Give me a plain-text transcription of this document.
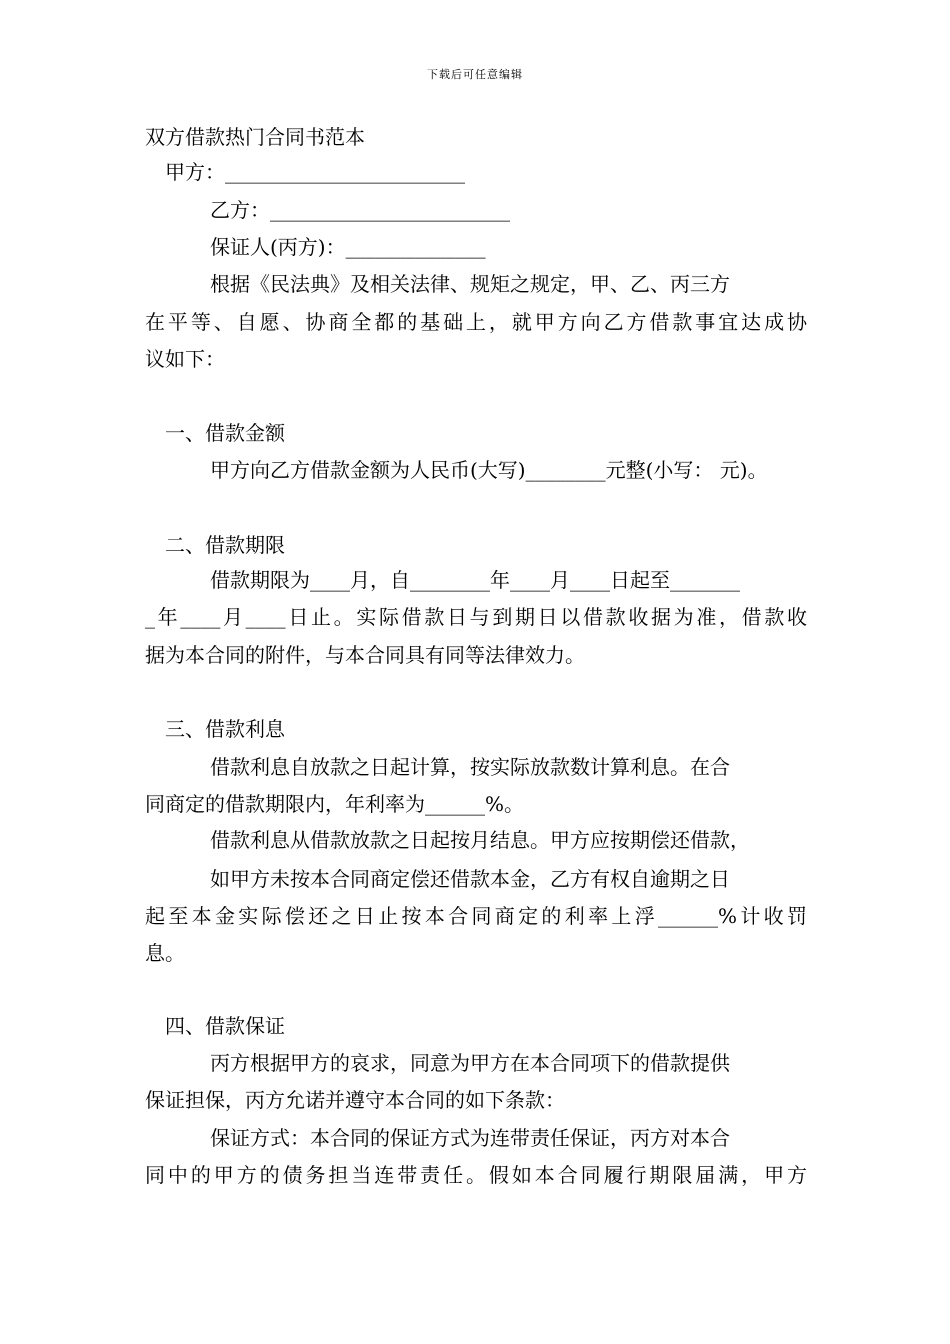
下载后可任意编辑
双方借款热门合同书范本
甲方：________________________
乙方：________________________
保证人(丙方)：______________
根据《民法典》及相关法律、规矩之规定，甲、乙、丙三方
在平等、自愿、协商全都的基础上，就甲方向乙方借款事宜达成协
议如下：
一、借款金额
甲方向乙方借款金额为人民币(大写)________元整(小写： 元)。
二、借款期限
借款期限为____月，自________年____月____日起至_______
_年____月____日止。实际借款日与到期日以借款收据为准，借款收
据为本合同的附件，与本合同具有同等法律效力。
三、借款利息
借款利息自放款之日起计算，按实际放款数计算利息。在合
同商定的借款期限内，年利率为______%。
借款利息从借款放款之日起按月结息。甲方应按期偿还借款，
如甲方未按本合同商定偿还借款本金，乙方有权自逾期之日
起至本金实际偿还之日止按本合同商定的利率上浮______%计收罚
息。
四、借款保证
丙方根据甲方的哀求，同意为甲方在本合同项下的借款提供
保证担保，丙方允诺并遵守本合同的如下条款：
保证方式：本合同的保证方式为连带责任保证，丙方对本合
同中的甲方的债务担当连带责任。假如本合同履行期限届满，甲方
